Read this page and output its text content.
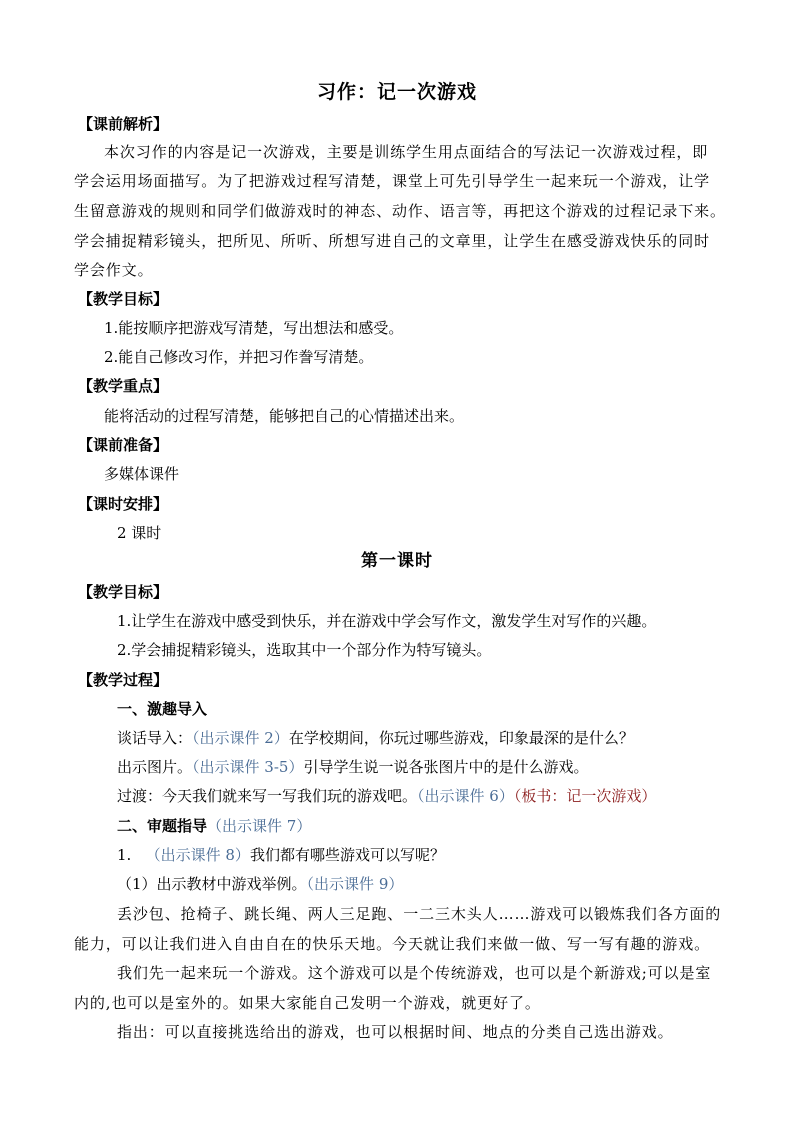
习作：记一次游戏
【课前解析】
本次习作的内容是记一次游戏，主要是训练学生用点面结合的写法记一次游戏过程，即
学会运用场面描写。为了把游戏过程写清楚，课堂上可先引导学生一起来玩一个游戏，让学
生留意游戏的规则和同学们做游戏时的神态、动作、语言等，再把这个游戏的过程记录下来。
学会捕捉精彩镜头，把所见、所听、所想写进自己的文章里，让学生在感受游戏快乐的同时
学会作文。
【教学目标】
1.能按顺序把游戏写清楚，写出想法和感受。
2.能自己修改习作，并把习作誊写清楚。
【教学重点】
能将活动的过程写清楚，能够把自己的心情描述出来。
【课前准备】
多媒体课件
【课时安排】
2 课时
第一课时
【教学目标】
1.让学生在游戏中感受到快乐，并在游戏中学会写作文，激发学生对写作的兴趣。
2.学会捕捉精彩镜头，选取其中一个部分作为特写镜头。
【教学过程】
一、激趣导入
谈话导入：（出示课件 2）在学校期间，你玩过哪些游戏，印象最深的是什么？
出示图片。（出示课件 3-5）引导学生说一说各张图片中的是什么游戏。
过渡：今天我们就来写一写我们玩的游戏吧。（出示课件 6）（板书：记一次游戏）
二、审题指导（出示课件 7）
1. （出示课件 8）我们都有哪些游戏可以写呢？
（1）出示教材中游戏举例。（出示课件 9）
丢沙包、抢椅子、跳长绳、两人三足跑、一二三木头人……游戏可以锻炼我们各方面的
能力，可以让我们进入自由自在的快乐天地。今天就让我们来做一做、写一写有趣的游戏。
我们先一起来玩一个游戏。这个游戏可以是个传统游戏，也可以是个新游戏;可以是室
内的,也可以是室外的。如果大家能自己发明一个游戏，就更好了。
指出：可以直接挑选给出的游戏，也可以根据时间、地点的分类自己选出游戏。
